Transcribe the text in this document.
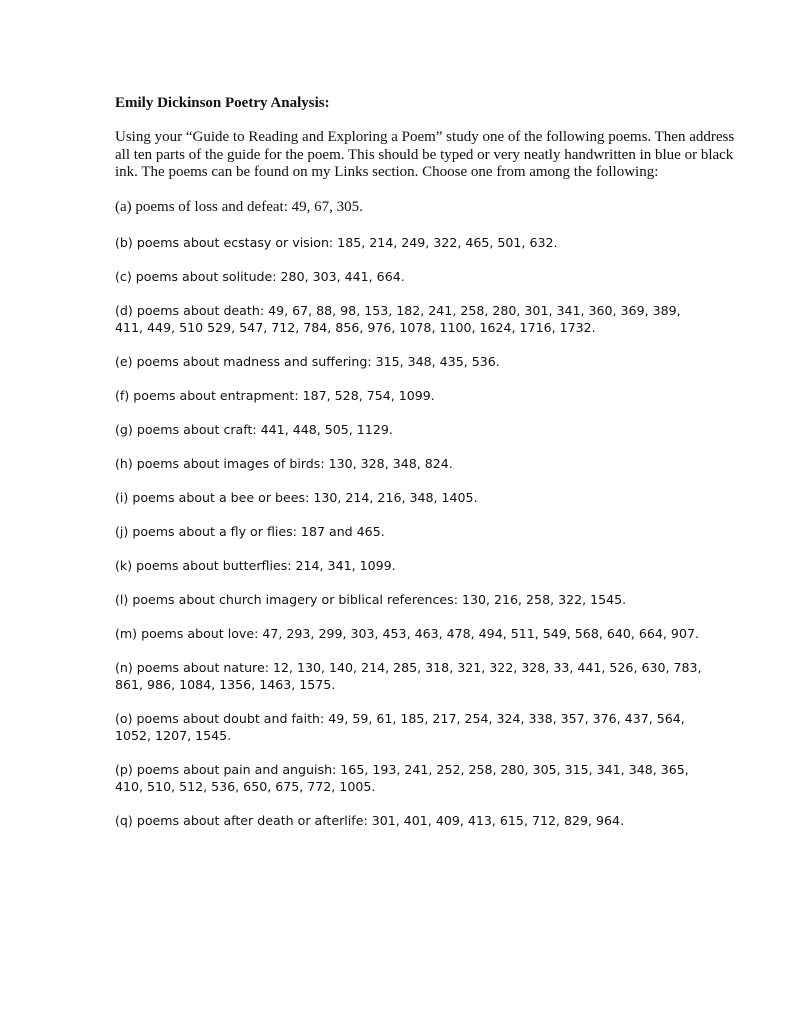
Emily Dickinson Poetry Analysis:

Using your “Guide to Reading and Exploring a Poem” study one of the following poems. Then address all ten parts of the guide for the poem. This should be typed or very neatly handwritten in blue or black ink. The poems can be found on my Links section. Choose one from among the following:

(a) poems of loss and defeat: 49, 67, 305.

(b) poems about ecstasy or vision: 185, 214, 249, 322, 465, 501, 632.

(c) poems about solitude: 280, 303, 441, 664.

(d) poems about death: 49, 67, 88, 98, 153, 182, 241, 258, 280, 301, 341, 360, 369, 389,
411, 449, 510 529, 547, 712, 784, 856, 976, 1078, 1100, 1624, 1716, 1732.

(e) poems about madness and suffering: 315, 348, 435, 536.

(f) poems about entrapment: 187, 528, 754, 1099.

(g) poems about craft: 441, 448, 505, 1129.

(h) poems about images of birds: 130, 328, 348, 824.

(i) poems about a bee or bees: 130, 214, 216, 348, 1405.

(j) poems about a fly or flies: 187 and 465.

(k) poems about butterflies: 214, 341, 1099.

(l) poems about church imagery or biblical references: 130, 216, 258, 322, 1545.

(m) poems about love: 47, 293, 299, 303, 453, 463, 478, 494, 511, 549, 568, 640, 664, 907.

(n) poems about nature: 12, 130, 140, 214, 285, 318, 321, 322, 328, 33, 441, 526, 630, 783,
861, 986, 1084, 1356, 1463, 1575.

(o) poems about doubt and faith: 49, 59, 61, 185, 217, 254, 324, 338, 357, 376, 437, 564,
1052, 1207, 1545.

(p) poems about pain and anguish: 165, 193, 241, 252, 258, 280, 305, 315, 341, 348, 365,
410, 510, 512, 536, 650, 675, 772, 1005.

(q) poems about after death or afterlife: 301, 401, 409, 413, 615, 712, 829, 964.
